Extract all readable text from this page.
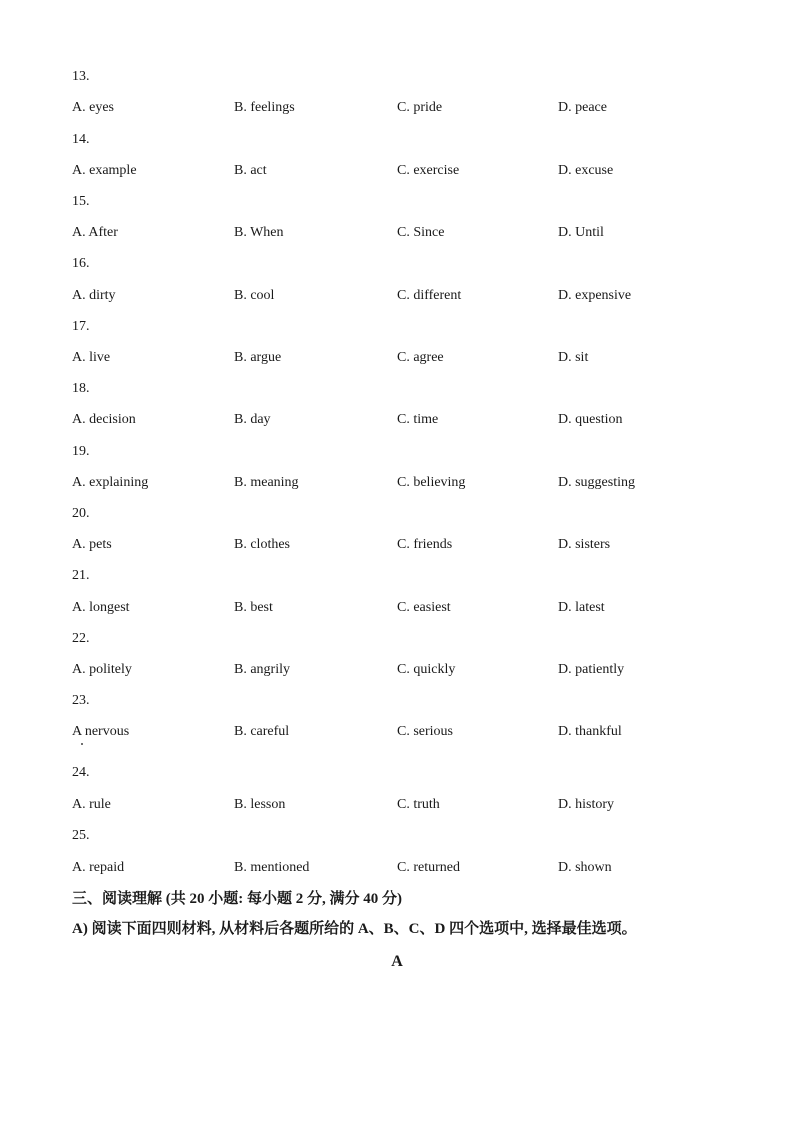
13.
A. eyes	B. feelings	C. pride	D. peace
14.
A. example	B. act	C. exercise	D. excuse
15.
A. After	B. When	C. Since	D. Until
16.
A. dirty	B. cool	C. different	D. expensive
17.
A. live	B. argue	C. agree	D. sit
18.
A. decision	B. day	C. time	D. question
19.
A. explaining	B. meaning	C. believing	D. suggesting
20.
A. pets	B. clothes	C. friends	D. sisters
21.
A. longest	B. best	C. easiest	D. latest
22.
A. politely	B. angrily	C. quickly	D. patiently
23.
A nervous	B. careful	C. serious	D. thankful
24.
A. rule	B. lesson	C. truth	D. history
25.
A. repaid	B. mentioned	C. returned	D. shown
三、阅读理解 (共 20 小题: 每小题 2 分, 满分 40 分)
A) 阅读下面四则材料, 从材料后各题所给的 A、B、C、D 四个选项中, 选择最佳选项。
A
